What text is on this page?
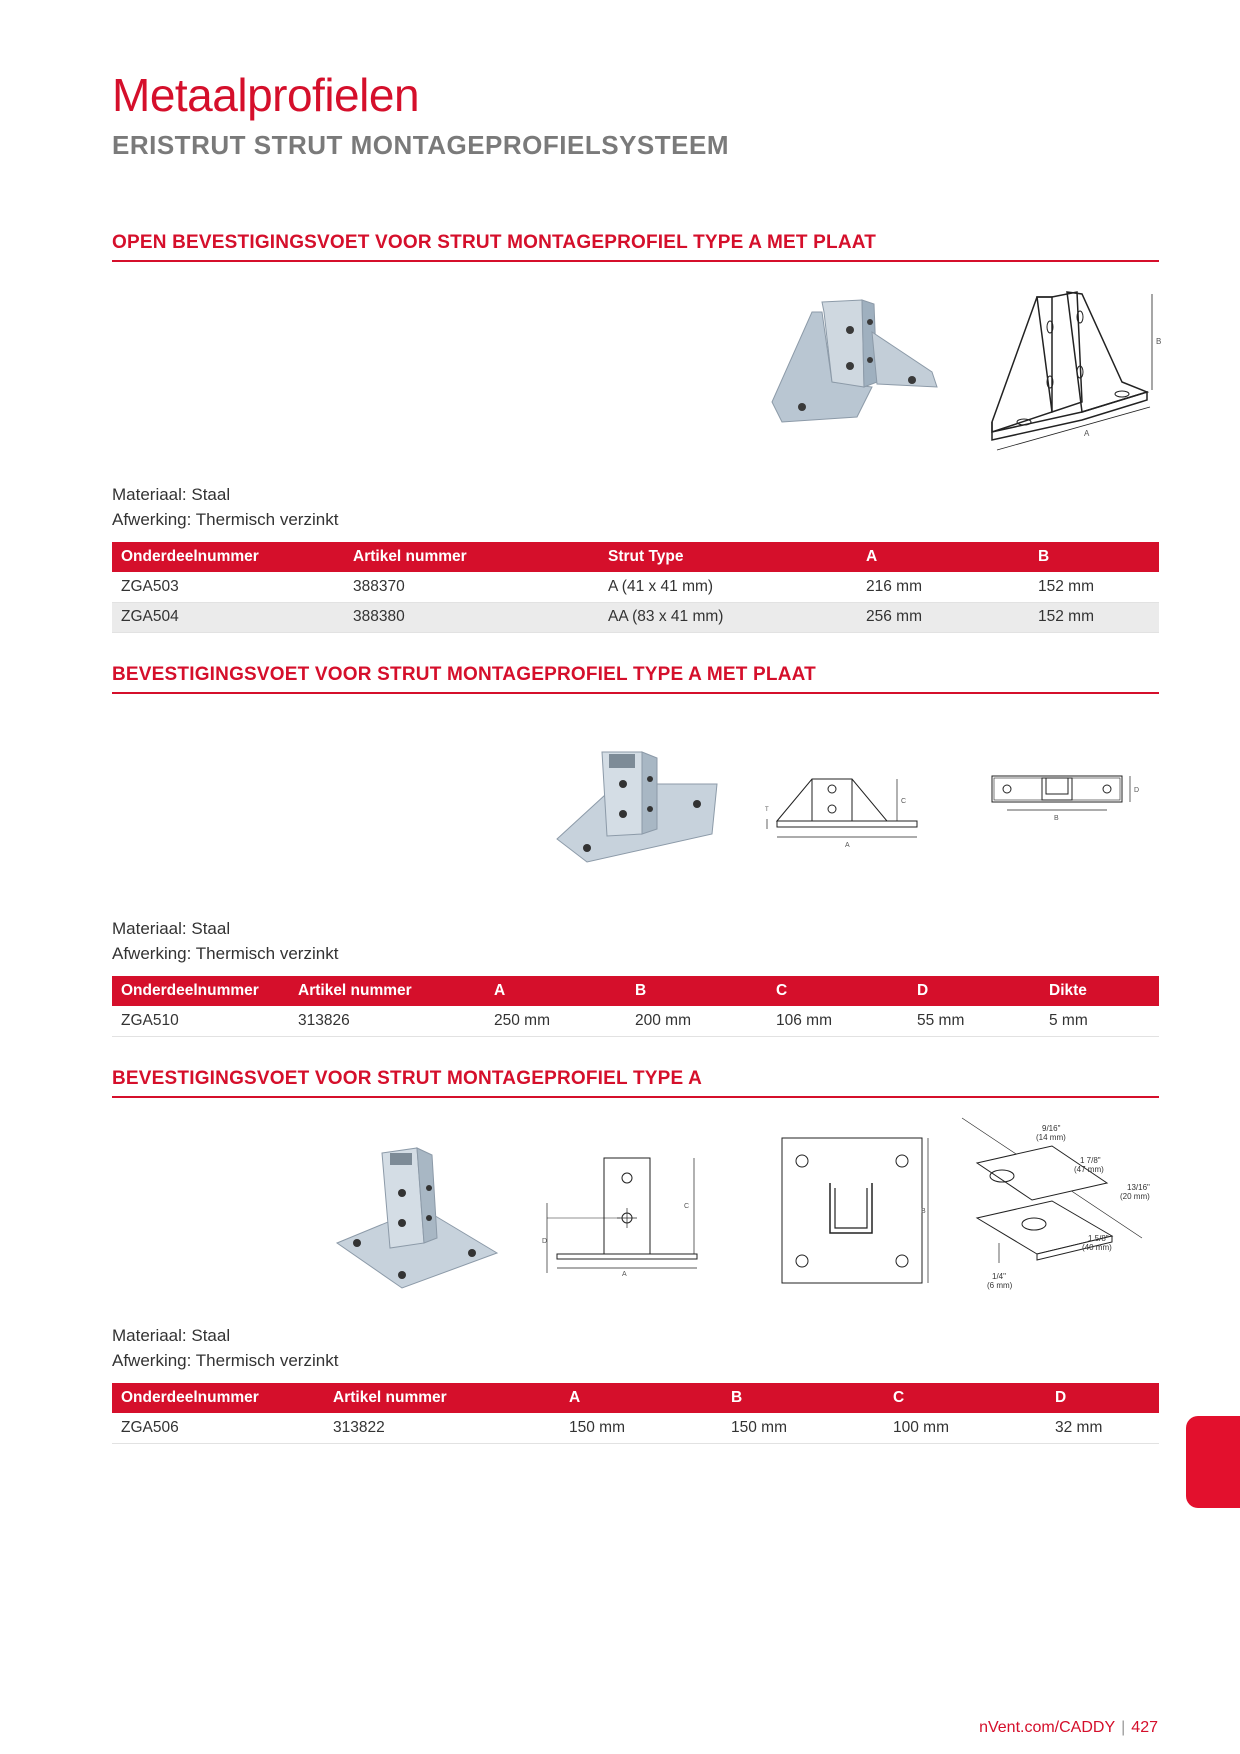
Metaalprofielen
ERISTRUT STRUT MONTAGEPROFIELSYSTEEM
OPEN BEVESTIGINGSVOET VOOR STRUT MONTAGEPROFIEL TYPE A MET PLAAT
B
A
Materiaal: Staal
Afwerking: Thermisch verzinkt
Onderdeelnummer	Artikel nummer	Strut Type	A	B
ZGA503	388370	A (41 x 41 mm)	216 mm	152 mm
ZGA504	388380	AA (83 x 41 mm)	256 mm	152 mm
BEVESTIGINGSVOET VOOR STRUT MONTAGEPROFIEL TYPE A MET PLAAT
C
A
T
D
B
Materiaal: Staal
Afwerking: Thermisch verzinkt
Onderdeelnummer	Artikel nummer	A	B	C	D	Dikte
ZGA510	313826	250 mm	200 mm	106 mm	55 mm	5 mm
BEVESTIGINGSVOET VOOR STRUT MONTAGEPROFIEL TYPE A
C
D
A
B
9/16"
(14 mm)
1 7/8"
(47 mm)
13/16"
(20 mm)
1 5/8"
(40 mm)
1/4"
(6 mm)
Materiaal: Staal
Afwerking: Thermisch verzinkt
Onderdeelnummer	Artikel nummer	A	B	C	D
ZGA506	313822	150 mm	150 mm	100 mm	32 mm
nVent.com/CADDY | 427
